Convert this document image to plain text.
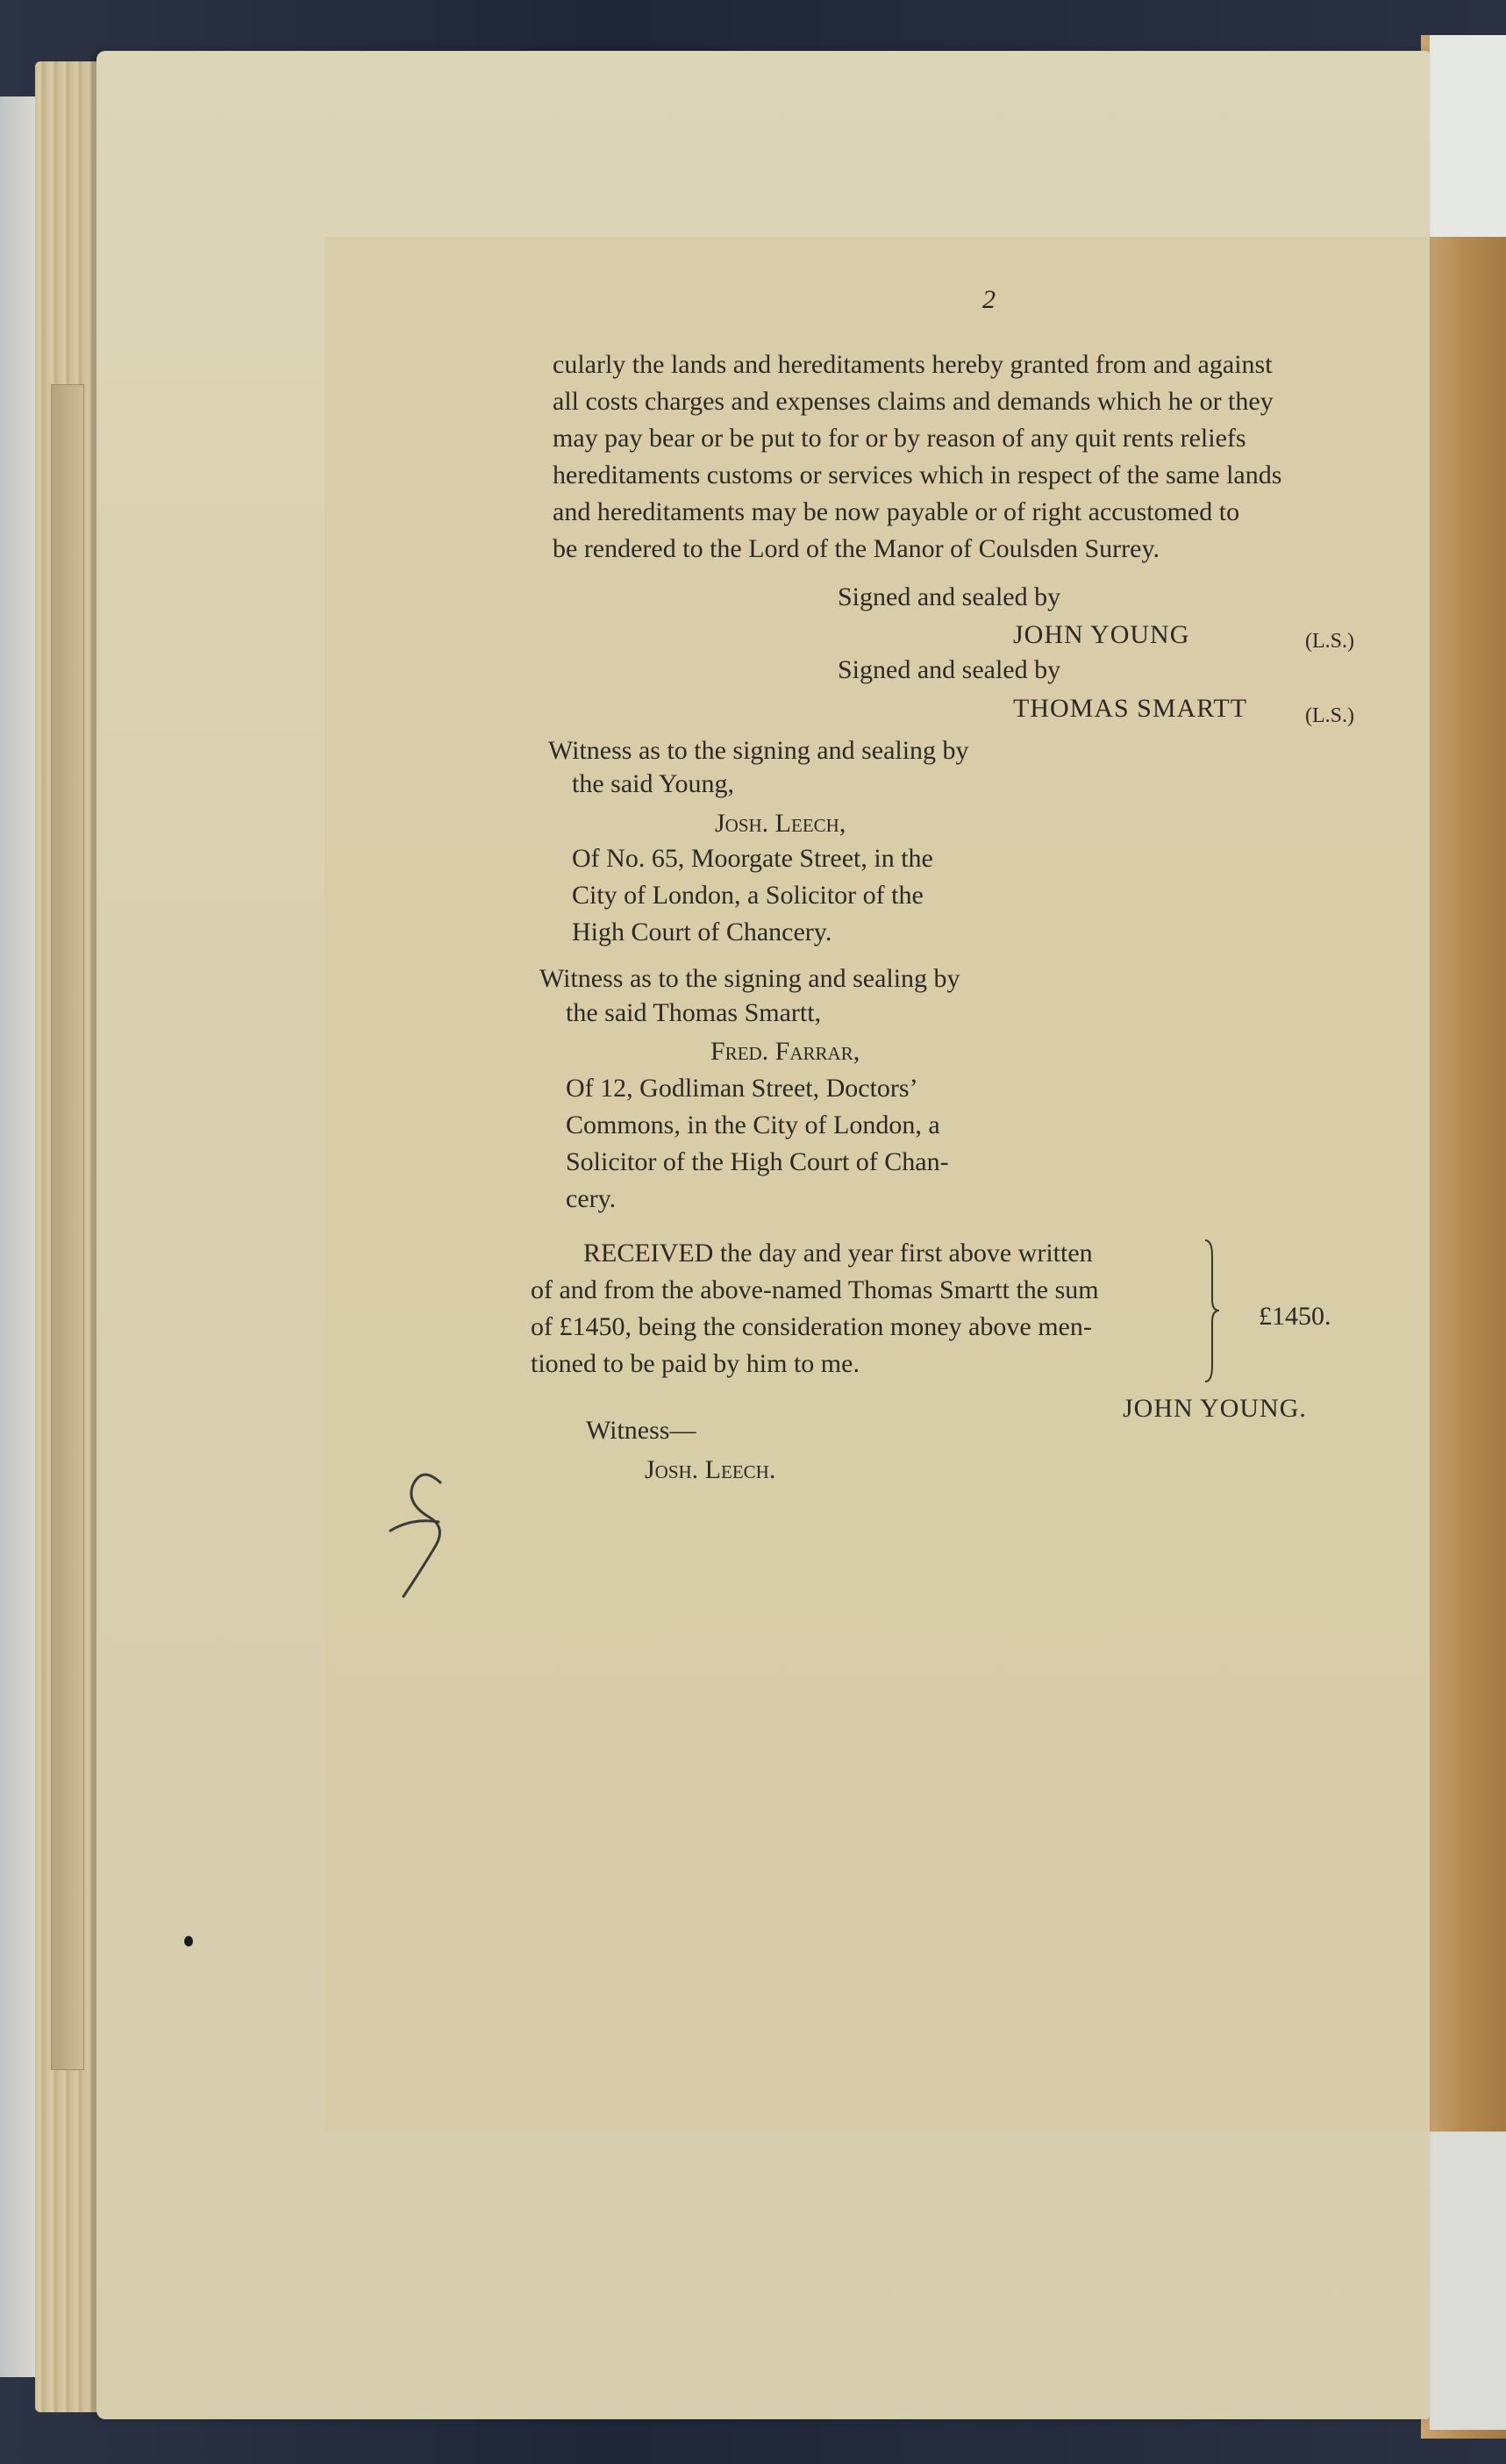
2
cularly the lands and hereditaments hereby granted from and against
all costs charges and expenses claims and demands which he or they
may pay bear or be put to for or by reason of any quit rents reliefs
hereditaments customs or services which in respect of the same lands
and hereditaments may be now payable or of right accustomed to
be rendered to the Lord of the Manor of Coulsden Surrey.
Signed and sealed by
JOHN YOUNG	(L.S.)
Signed and sealed by
THOMAS SMARTT	(L.S.)
Witness as to the signing and sealing by
the said Young,
Josh. Leech,
Of No. 65, Moorgate Street, in the
City of London, a Solicitor of the
High Court of Chancery.
Witness as to the signing and sealing by
the said Thomas Smartt,
Fred. Farrar,
Of 12, Godliman Street, Doctors’
Commons, in the City of London, a
Solicitor of the High Court of Chan-
cery.
RECEIVED the day and year first above written
of and from the above-named Thomas Smartt the sum
of £1450, being the consideration money above men-
tioned to be paid by him to me.
£1450.
JOHN YOUNG.
Witness—
Josh. Leech.
